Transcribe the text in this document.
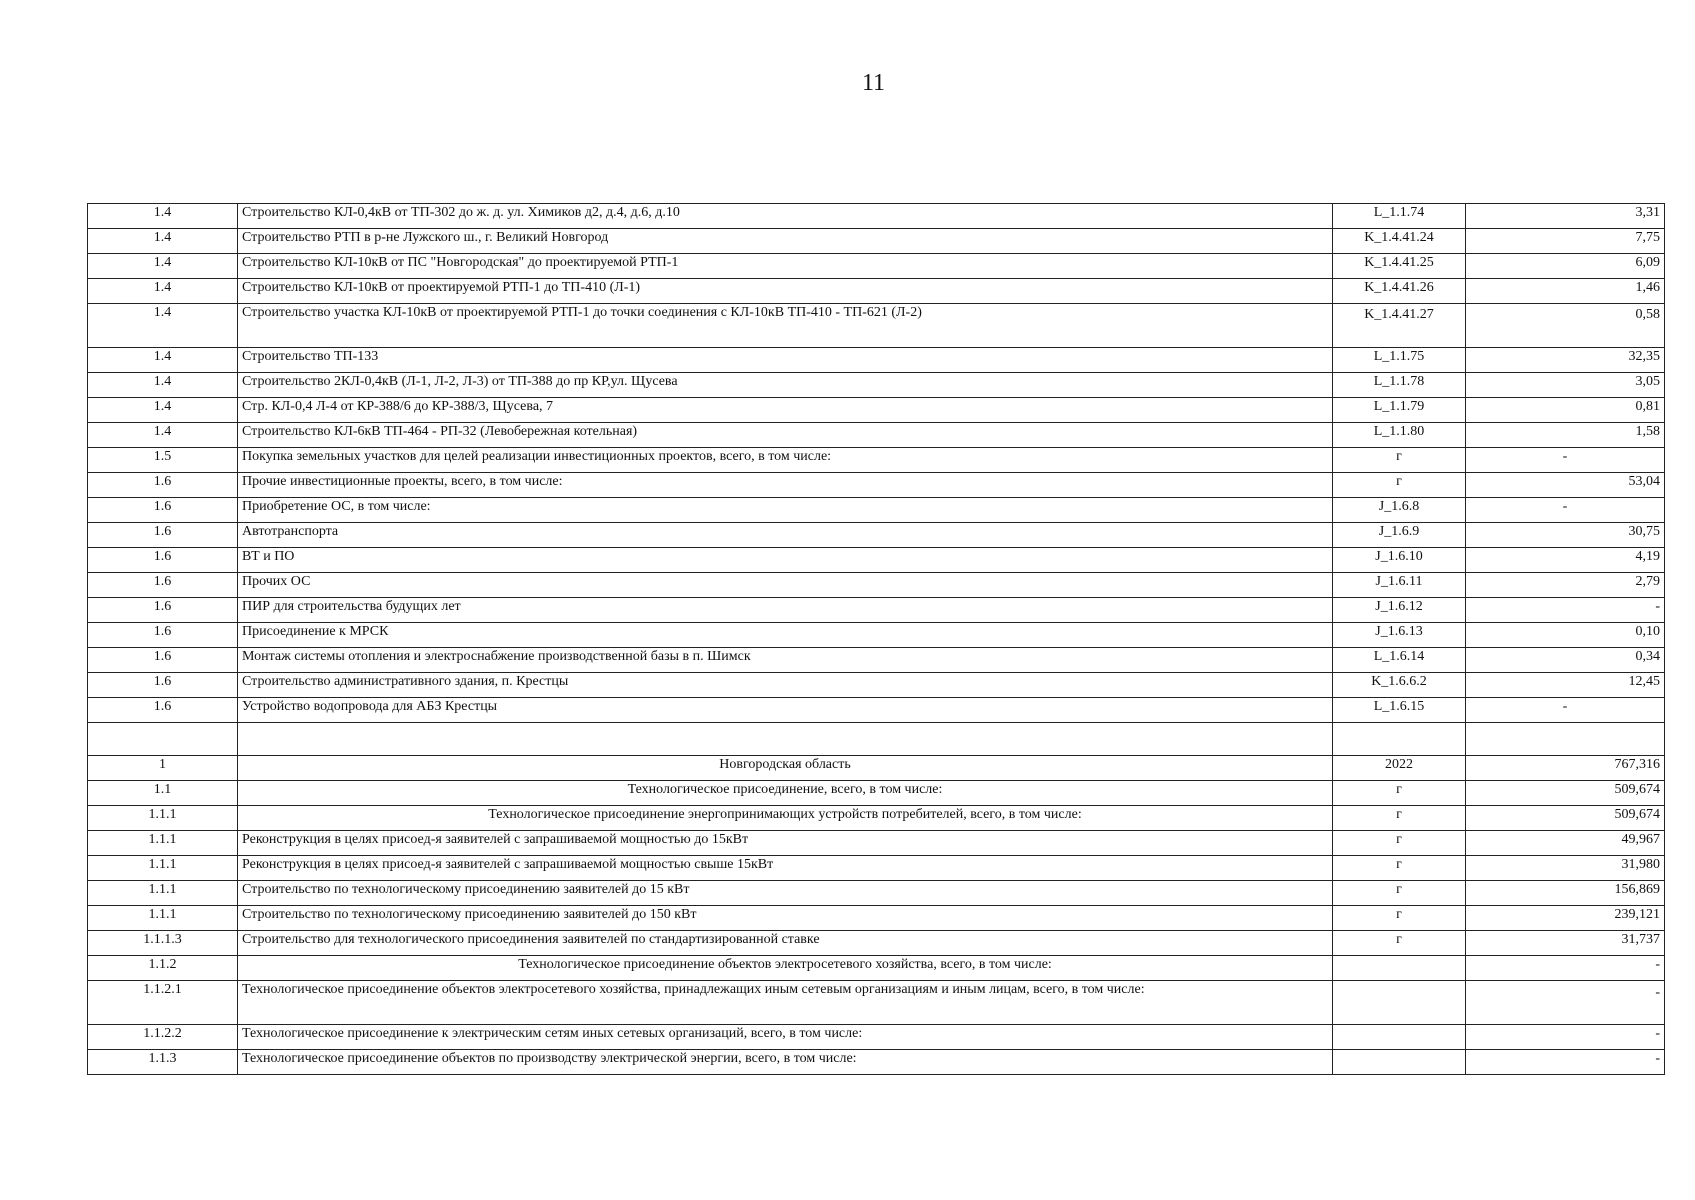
11
1.4	Строительство КЛ-0,4кВ от ТП-302 до ж. д. ул. Химиков д2, д.4, д.6, д.10	L_1.1.74	3,31
1.4	Строительство РТП в р-не Лужского ш., г. Великий Новгород	K_1.4.41.24	7,75
1.4	Строительство КЛ-10кВ от ПС "Новгородская" до проектируемой РТП-1	K_1.4.41.25	6,09
1.4	Строительство КЛ-10кВ от проектируемой РТП-1 до ТП-410 (Л-1)	K_1.4.41.26	1,46
1.4	Строительство участка КЛ-10кВ от проектируемой РТП-1 до точки соединения с КЛ-10кВ ТП-410 - ТП-621 (Л-2)	K_1.4.41.27	0,58
1.4	Строительство ТП-133	L_1.1.75	32,35
1.4	Строительство 2КЛ-0,4кВ (Л-1, Л-2, Л-3) от ТП-388 до пр КР,ул. Щусева	L_1.1.78	3,05
1.4	Стр. КЛ-0,4 Л-4 от КР-388/6 до КР-388/3, Щусева, 7	L_1.1.79	0,81
1.4	Строительство КЛ-6кВ ТП-464 - РП-32 (Левобережная котельная)	L_1.1.80	1,58
1.5	Покупка земельных участков для целей реализации инвестиционных проектов, всего, в том числе:	г	-
1.6	Прочие инвестиционные проекты, всего, в том числе:	г	53,04
1.6	Приобретение ОС, в том числе:	J_1.6.8	-
1.6	Автотранспорта	J_1.6.9	30,75
1.6	ВТ и ПО	J_1.6.10	4,19
1.6	Прочих ОС	J_1.6.11	2,79
1.6	ПИР для строительства будущих лет	J_1.6.12	-
1.6	Присоединение к МРСК	J_1.6.13	0,10
1.6	Монтаж системы отопления и электроснабжение производственной базы в п. Шимск	L_1.6.14	0,34
1.6	Строительство административного здания, п. Крестцы	K_1.6.6.2	12,45
1.6	Устройство водопровода для АБЗ Крестцы	L_1.6.15	-

1	Новгородская область	2022	767,316
1.1	Технологическое присоединение, всего, в том числе:	г	509,674
1.1.1	Технологическое присоединение энергопринимающих устройств потребителей, всего, в том числе:	г	509,674
1.1.1	Реконструкция в целях присоед-я заявителей с запрашиваемой мощностью до 15кВт	г	49,967
1.1.1	Реконструкция в целях присоед-я заявителей с запрашиваемой мощностью свыше 15кВт	г	31,980
1.1.1	Строительство по технологическому присоединению заявителей до 15 кВт	г	156,869
1.1.1	Строительство по технологическому присоединению заявителей до 150 кВт	г	239,121
1.1.1.3	Строительство для технологического присоединения заявителей по стандартизированной ставке	г	31,737
1.1.2	Технологическое присоединение объектов электросетевого хозяйства, всего, в том числе:		-
1.1.2.1	Технологическое присоединение объектов электросетевого хозяйства, принадлежащих иным сетевым организациям и иным лицам, всего, в том числе:		-
1.1.2.2	Технологическое присоединение к электрическим сетям иных сетевых организаций, всего, в том числе:		-
1.1.3	Технологическое присоединение объектов по производству электрической энергии, всего, в том числе:		-
